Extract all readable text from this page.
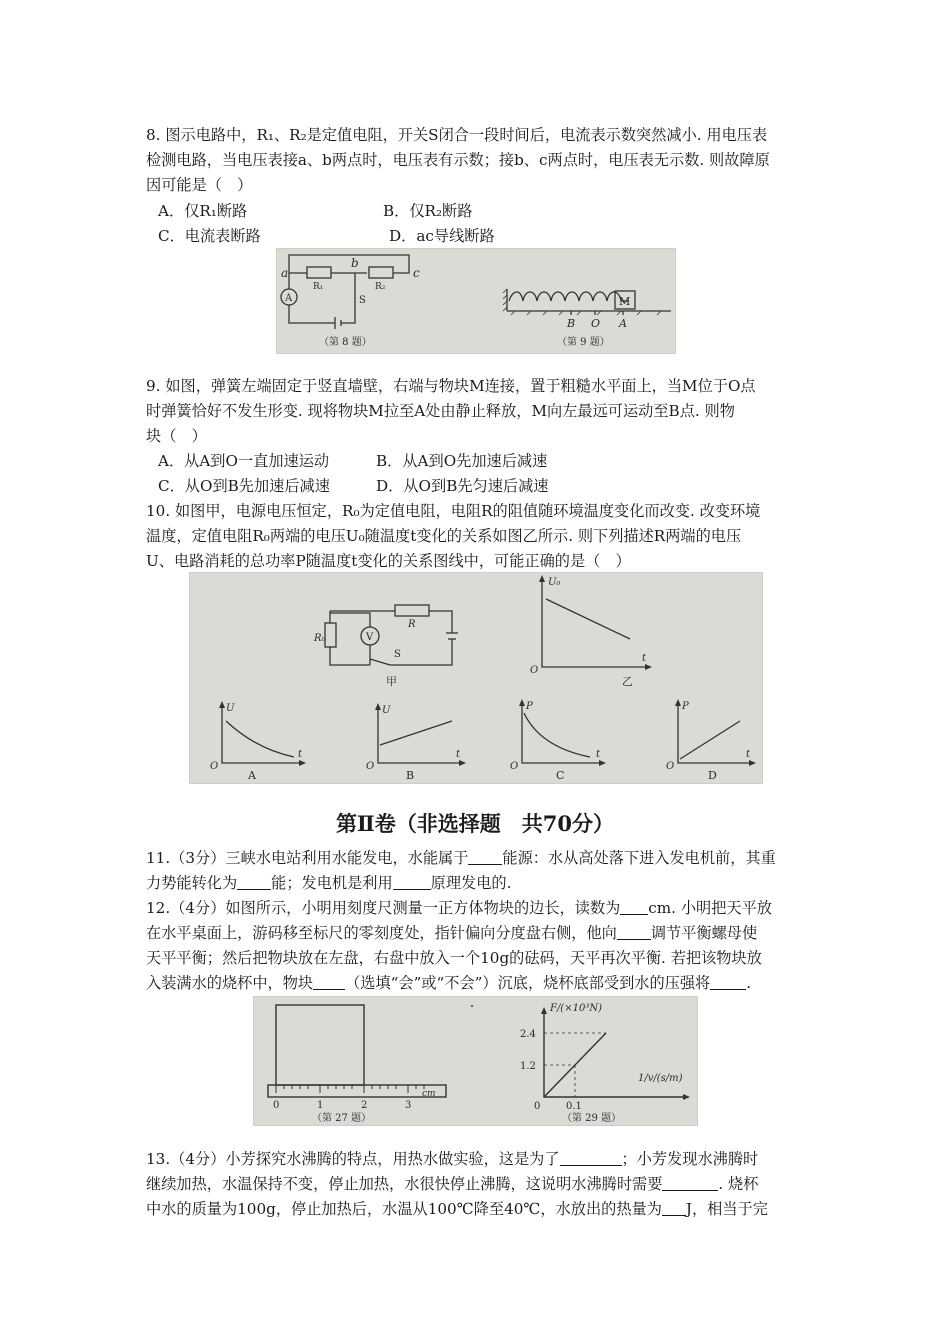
8. 图示电路中，R₁、R₂是定值电阻，开关S闭合一段时间后，电流表示数突然减小. 用电压表
检测电路，当电压表接a、b两点时，电压表有示数；接b、c两点时，电压表无示数. 则故障原
因可能是（　）
A．仅R₁断路	B．仅R₂断路
C．电流表断路	D．ac导线断路
a
b
c
R₁	R₂
S
A	M
B O A
（第 8 题）	（第 9 题）
9. 如图，弹簧左端固定于竖直墙壁，右端与物块M连接，置于粗糙水平面上，当M位于O点
时弹簧恰好不发生形变. 现将物块M拉至A处由静止释放，M向左最远可运动至B点. 则物
块（　）
A．从A到O一直加速运动	B．从A到O先加速后减速
C．从O到B先加速后减速	D．从O到B先匀速后减速
10. 如图甲，电源电压恒定，R₀为定值电阻，电阻R的阻值随环境温度变化而改变. 改变环境
温度，定值电阻R₀两端的电压U₀随温度t变化的关系如图乙所示. 则下列描述R两端的电压
U、电路消耗的总功率P随温度t变化的关系图线中，可能正确的是（　）
R₀
R
V
S
甲	乙
U₀
t
O
U
t
O
A
U
t
O
B
P
t
O
C
P
t
O
D
第Ⅱ卷（非选择题　共70分）
11.（3分）三峡水电站利用水能发电，水能属于 能源：水从高处落下进入发电机前，其重
力势能转化为 能；发电机是利用	原理发电的.
12.（4分）如图所示，小明用刻度尺测量一正方体物块的边长，读数为 cm. 小明把天平放
在水平桌面上，游码移至标尺的零刻度处，指针偏向分度盘右侧，他向 调节平衡螺母使
天平平衡；然后把物块放在左盘，右盘中放入一个10g的砝码，天平再次平衡. 若把该物块放
入装满水的烧杯中，物块 （选填“会”或“不会”）沉底，烧杯底部受到水的压强将 .
0	1	2	3
cm
（第 27 题）
F/(×10³N)
1/v/(s/m)
2.4
1.2
0.1
0
（第 29 题）
13.（4分）小芳探究水沸腾的特点，用热水做实验，这是为了	；小芳发现水沸腾时
继续加热，水温保持不变，停止加热，水很快停止沸腾，这说明水沸腾时需要	. 烧杯
中水的质量为100g，停止加热后，水温从100℃降至40℃，水放出的热量为 J，相当于完
